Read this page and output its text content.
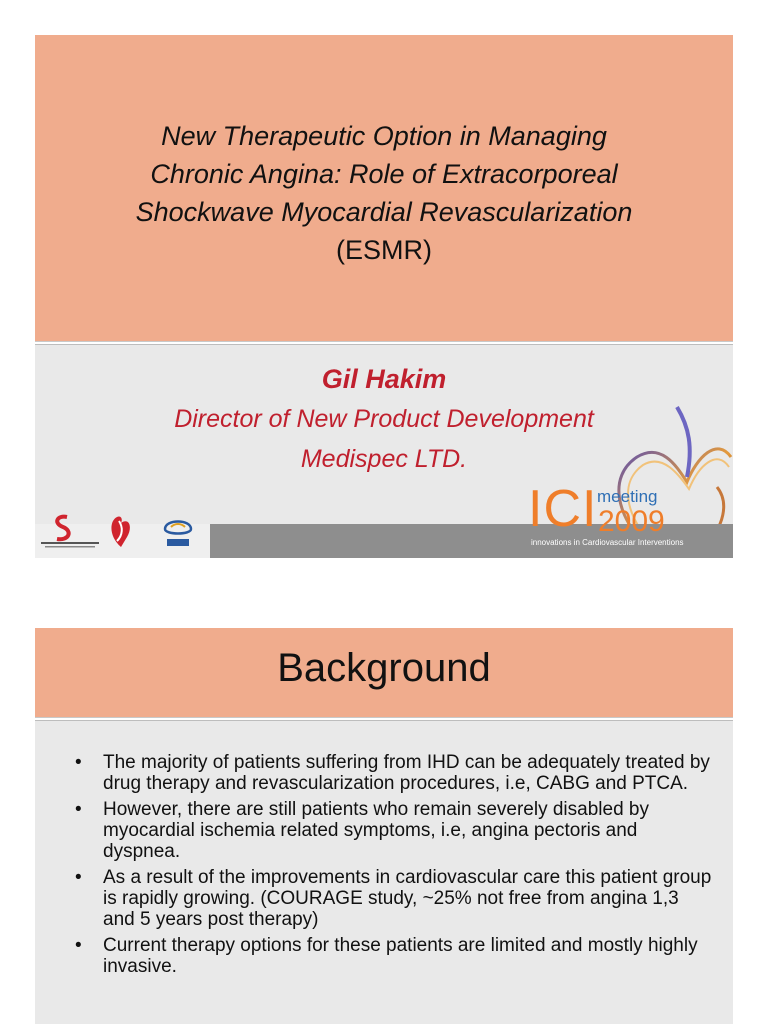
New Therapeutic Option in Managing
Chronic Angina: Role of Extracorporeal
Shockwave Myocardial Revascularization
(ESMR)
Gil Hakim
Director of New Product Development
Medispec LTD.
ICI meeting
2009
innovations in Cardiovascular Interventions
Background
• The majority of patients suffering from IHD can be adequately treated by drug therapy and revascularization procedures, i.e, CABG and PTCA.
• However, there are still patients who remain severely disabled by myocardial ischemia related symptoms, i.e, angina pectoris and dyspnea.
• As a result of the improvements in cardiovascular care this patient group is rapidly growing. (COURAGE study, ~25% not free from angina 1,3 and 5 years post therapy)
• Current therapy options for these patients are limited and mostly highly invasive.
